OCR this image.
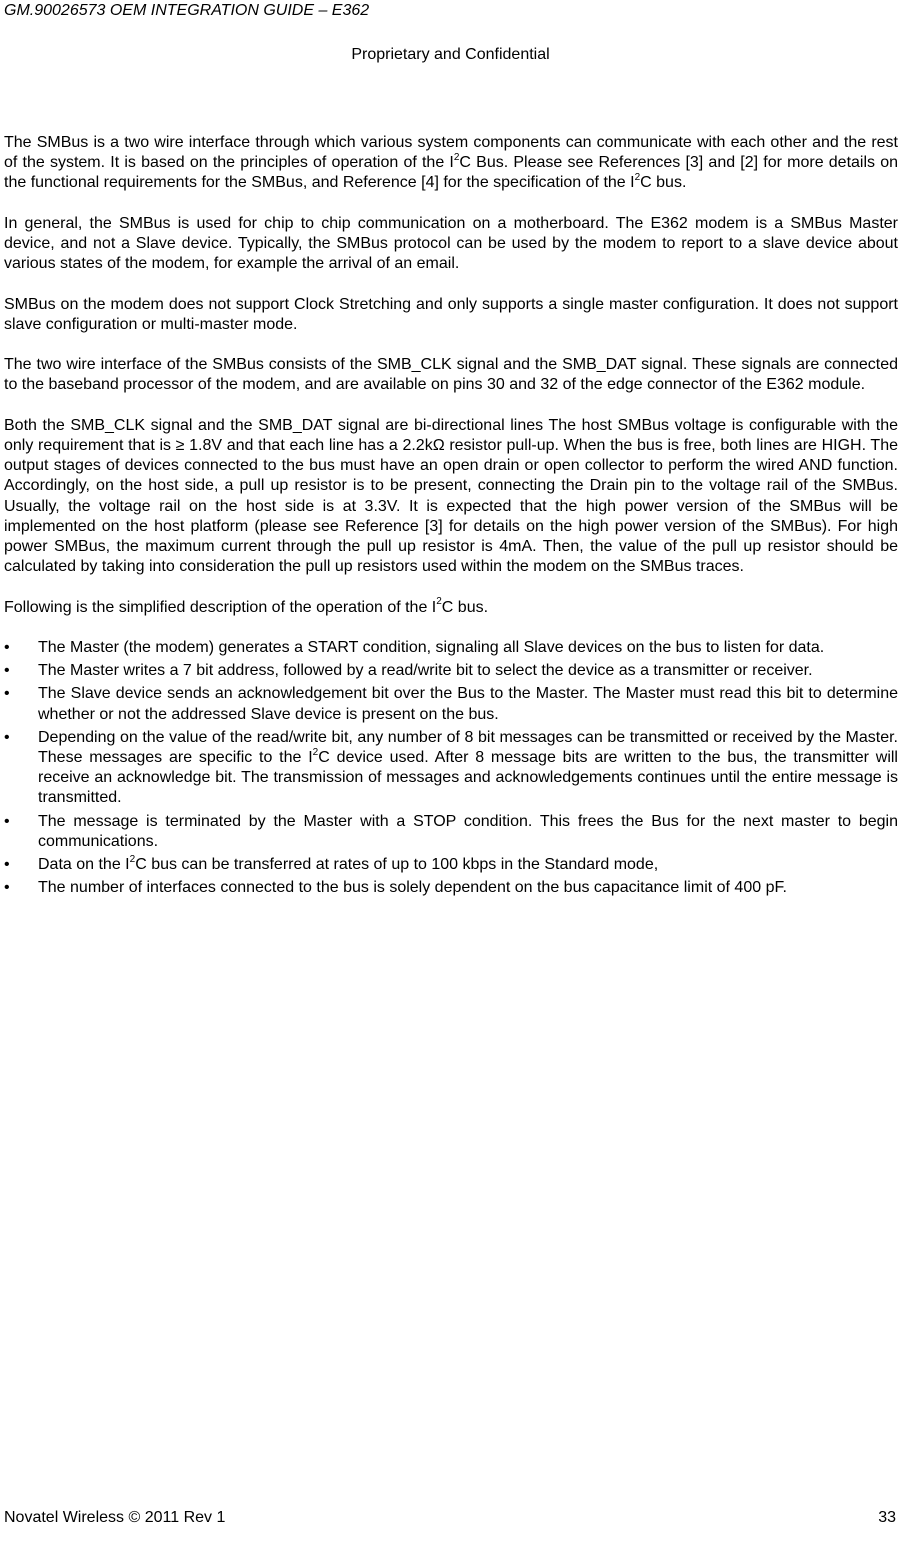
GM.90026573 OEM INTEGRATION GUIDE – E362
Proprietary and Confidential

The SMBus is a two wire interface through which various system components can communicate with each other and the rest of the system. It is based on the principles of operation of the $I^2C$ Bus. Please see References [3] and [2] for more details on the functional requirements for the SMBus, and Reference [4] for the specification of the $I^2C$ bus.

In general, the SMBus is used for chip to chip communication on a motherboard. The E362 modem is a SMBus Master device, and not a Slave device. Typically, the SMBus protocol can be used by the modem to report to a slave device about various states of the modem, for example the arrival of an email.

SMBus on the modem does not support Clock Stretching and only supports a single master configuration. It does not support slave configuration or multi-master mode.

The two wire interface of the SMBus consists of the SMB_CLK signal and the SMB_DAT signal. These signals are connected to the baseband processor of the modem, and are available on pins 30 and 32 of the edge connector of the E362 module.

Both the SMB_CLK signal and the SMB_DAT signal are bi-directional lines The host SMBus voltage is configurable with the only requirement that is ≥ 1.8V and that each line has a 2.2kΩ resistor pull-up. When the bus is free, both lines are HIGH. The output stages of devices connected to the bus must have an open drain or open collector to perform the wired AND function. Accordingly, on the host side, a pull up resistor is to be present, connecting the Drain pin to the voltage rail of the SMBus. Usually, the voltage rail on the host side is at 3.3V. It is expected that the high power version of the SMBus will be implemented on the host platform (please see Reference [3] for details on the high power version of the SMBus). For high power SMBus, the maximum current through the pull up resistor is 4mA. Then, the value of the pull up resistor should be calculated by taking into consideration the pull up resistors used within the modem on the SMBus traces.

Following is the simplified description of the operation of the $I^2C$ bus.

• The Master (the modem) generates a START condition, signaling all Slave devices on the bus to listen for data.
• The Master writes a 7 bit address, followed by a read/write bit to select the device as a transmitter or receiver.
• The Slave device sends an acknowledgement bit over the Bus to the Master. The Master must read this bit to determine whether or not the addressed Slave device is present on the bus.
• Depending on the value of the read/write bit, any number of 8 bit messages can be transmitted or received by the Master. These messages are specific to the $I^2C$ device used. After 8 message bits are written to the bus, the transmitter will receive an acknowledge bit. The transmission of messages and acknowledgements continues until the entire message is transmitted.
• The message is terminated by the Master with a STOP condition. This frees the Bus for the next master to begin communications.
• Data on the $I^2C$ bus can be transferred at rates of up to 100 kbps in the Standard mode,
• The number of interfaces connected to the bus is solely dependent on the bus capacitance limit of 400 pF.
Novatel Wireless © 2011 Rev 1	33
